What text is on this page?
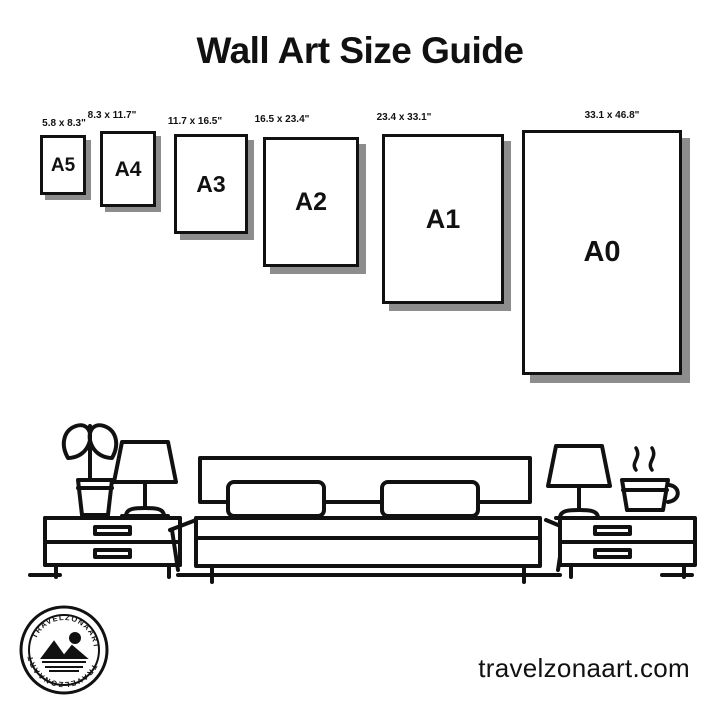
Wall Art Size Guide
5.8 x 8.3"
A5
8.3 x 11.7"
A4
11.7 x 16.5"
A3
16.5 x 23.4"
A2
23.4 x 33.1"
A1
33.1 x 46.8"
A0
travelzonaart.com
TRAVELZONAART
TRAVELZONAART
